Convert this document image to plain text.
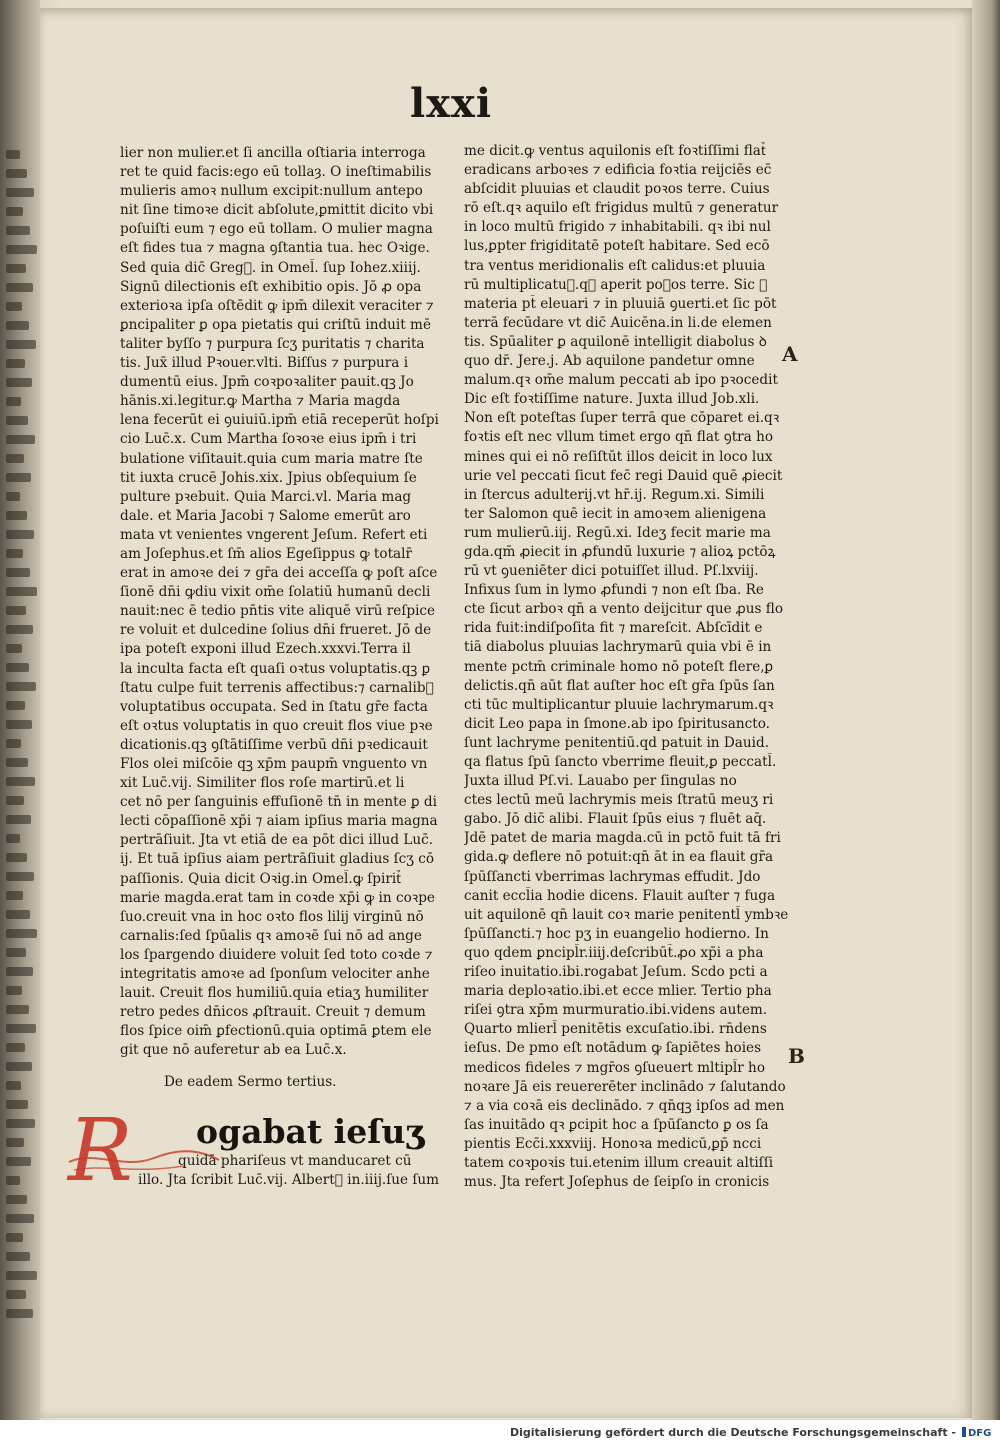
lxxi
lier non mulier.et ſi ancilla oſtiaria interroga
ret te quid facis:ego eū tollaȝ. O ineſtimabilis
mulieris amoꝛ nullum excipit:nullum antepo
nit ſine timoꝛe dicit abſolute,ꝑmittit dicito vbi
poſuiſti eum ⁊ ego eū tollam. O mulier magna
eſt fides tua ⁊ magna ꝯſtantia tua. hec Oꝛige.
Sed quia dic̄ Greg᷒. in Omel̄. ſup Iohez.xiiij.
Signū dilectionis eſt exhibitio opis. Jō ꝓ opa
exterioꝛa ipſa oſtēdit ꝙ ipm̄ dilexit veraciter ⁊
ꝑncipaliter ꝑ opa pietatis qui criſtū induit mē
taliter byſſo ⁊ purpura ſcʒ puritatis ⁊ charita
tis. Jux̄ illud Pꝛouer.vlti. Biſſus ⁊ purpura i
dumentū eius. Jpm̄ coꝛpoꝛaliter pauit.qꝫ Jo
hānis.xi.legitur.ꝙ Martha ⁊ Maria magda
lena fecerūt ei ꝯuiuiū.ipm̄ etiā receperūt hoſpi
cio Luc̄.x. Cum Martha ſoꝛoꝛe eius ipm̄ i tri
bulatione viſitauit.quia cum maria matre ſte
tit iuxta crucē Johis.xix. Jpius obſequium ſe
pulture pꝛebuit. Quia Marci.vl. Maria mag
dale. et Maria Jacobi ⁊ Salome emerūt aro
mata vt venientes vngerent Jeſum. Refert eti
am Joſephus.et ſm̄ alios Egeſippus ꝙ totalr̄
erat in amoꝛe dei ⁊ gr̄a dei acceſſa ꝙ poſt aſce
ſionē dn̄i ꝙdiu vixit om̄e ſolatiū humanū decli
nauit:nec ē tedio pn̄tis vite aliquē virū reſpice
re voluit et dulcedine ſolius dn̄i frueret. Jō de
ipa poteſt exponi illud Ezech.xxxvi.Terra il
la inculta facta eſt quaſi oꝛtus voluptatis.qꝫ ꝑ
ſtatu culpe fuit terrenis affectibus:⁊ carnalib᷒
voluptatibus occupata. Sed in ſtatu gr̄e facta
eſt oꝛtus voluptatis in quo creuit flos viue pꝛe
dicationis.qꝫ ꝯſtātiſſime verbū dn̄i pꝛedicauit
Flos olei miſcōie qꝫ xp̄m paupm̄ vnguento vn
xit Luc̄.vij. Similiter flos roſe martirū.et li
cet nō per ſanguinis effuſionē tn̄ in mente ꝑ di
lecti cōpaſſionē xp̄i ⁊ aiam ipſius maria magna
pertrāſiuit. Jta vt etiā de ea pōt dici illud Luc̄.
ij. Et tuā ipſius aiam pertrāſiuit gladius ſcʒ cō
paſſionis. Quia dicit Oꝛig.in Omel̄.ꝙ ſpirit᷒
marie magda.erat tam in coꝛde xp̄i ꝙ in coꝛpe
ſuo.creuit vna in hoc oꝛto flos lilij virginū nō
carnalis:ſed ſpūalis qꝛ amoꝛē ſui nō ad ange
los ſpargendo diuidere voluit ſed toto coꝛde ⁊
integritatis amoꝛe ad ſponſum velociter anhe
lauit. Creuit flos humiliū.quia etiaʒ humiliter
retro pedes dn̄icos ꝓſtrauit. Creuit ⁊ demum
flos ſpice oim̄ ꝑfectionū.quia optimā ꝑtem ele
git que nō auferetur ab ea Luc̄.x.
me dicit.ꝙ ventus aquilonis eſt foꝛtiſſimi flat᷒
eradicans arboꝛes ⁊ edificia foꝛtia reijciēs ec̄
abſcidit pluuias et claudit poꝛos terre. Cuius
rō eſt.qꝛ aquilo eſt frigidus multū ⁊ generatur
in loco multū frigido ⁊ inhabitabili. qꝛ ibi nul
lus,ꝑpter frigiditatē poteſt habitare. Sed ecō
tra ventus meridionalis eſt calidus:et pluuia
rū multiplicatu᷒.qꝛ aperit poꝛos terre. Sic ꝙ
materia pt̄ eleuari ⁊ in pluuiā ꝯuerti.et ſic pōt
terrā fecūdare vt dic̄ Auicēna.in li.de elemen
tis. Spūaliter ꝑ aquilonē intelligit diabolus ꝺ
quo dr̄. Jere.j. Ab aquilone pandetur omne
malum.qꝛ om̄e malum peccati ab ipo pꝛocedit
Dic eſt foꝛtiſſime nature. Juxta illud Job.xli.
Non eſt poteſtas ſuper terrā que cōparet ei.qꝛ
foꝛtis eſt nec vllum timet ergo qn̄ flat ꝯtra ho
mines qui ei nō reſiſtūt illos deicit in loco lux
urie vel peccati ſicut fec̄ regi Dauid quē ꝓiecit
in ſtercus adulterij.vt hr̄.ij. Regum.xi. Simili
ter Salomon quē iecit in amoꝛem alienigena
rum mulierū.iij. Regū.xi. Ideʒ fecit marie ma
gda.qm̄ ꝓiecit in ꝓfundū luxurie ⁊ alioꝝ pctōꝝ
rū vt ꝯueniēter dici potuiſſet illud. Pſ.lxviij.
Infixus ſum in lymo ꝓfundi ⁊ non eſt ſba. Re
cte ſicut arboꝛ qn̄ a vento deijcitur que ꝓus flo
rida fuit:indiſpoſita fit ⁊ mareſcit. Abſcīdit e
tiā diabolus pluuias lachrymarū quia vbi ē in
mente pctm̄ criminale homo nō poteſt flere,ꝑ
delictis.qn̄ aūt flat auſter hoc eſt gr̄a ſpūs ſan
cti tūc multiplicantur pluuie lachrymarum.qꝛ
dicit Leo papa in ſmone.ab ipo ſpiritusancto.
ſunt lachryme penitentiū.qd patuit in Dauid.
qa flatus ſpū ſancto vberrime fleuit,ꝑ peccatl̄.
Juxta illud Pſ.vi. Lauabo per ſingulas no
ctes lectū meū lachrymis meis ſtratū meuʒ ri
gabo. Jō dic̄ alibi. Flauit ſpūs eius ⁊ fluēt aq̄.
Jdē patet de maria magda.cū in pctō fuit tā fri
gida.ꝙ deflere nō potuit:qn̄ āt in ea flauit gr̄a
ſpūſſancti vberrimas lachrymas effudit. Jdo
canit eccl̄ia hodie dicens. Flauit auſter ⁊ fuga
uit aquilonē qn̄ lauit coꝛ marie penitentl̄ ymbꝛe
ſpūſſancti.⁊ hoc pʒ in euangelio hodierno. In
quo qdem ꝑncipl̄r.iiij.deſcribūt̄.ꝓo xp̄i a pha
riſeo inuitatio.ibi.rogabat Jeſum. Scdo pcti a
maria deploꝛatio.ibi.et ecce mlier. Tertio pha
riſei ꝯtra xp̄m murmuratio.ibi.videns autem.
Quarto mlierl̄ penitētis excuſatio.ibi. rn̄dens
ieſus. De pmo eſt notādum ꝙ ſapiētes hoies
medicos fideles ⁊ mgr̄os ꝯſueuert mltipl̄r ho
noꝛare Jā eis reuererēter inclinādo ⁊ ſalutando
⁊ a via coꝛā eis declinādo. ⁊ qn̄qꝫ ipſos ad men
ſas inuitādo qꝛ ꝑcipit hoc a ſpūſancto ꝑ os ſa
pientis Ecc̄i.xxxviij. Honoꝛa medicū,ꝑp̄ ncci
tatem coꝛpoꝛis tui.etenim illum creauit altiſſi
mus. Jta refert Joſephus de ſeipſo in cronicis
A
B
De eadem Sermo tertius.
R ogabat ieſuʒ
quidā phariſeus vt manducaret cū
illo. Jta ſcribit Luc̄.vij. Albert᷒ in.iiij.ſue ſum
Digitalisierung gefördert durch die Deutsche Forschungsgemeinschaft - DFG
